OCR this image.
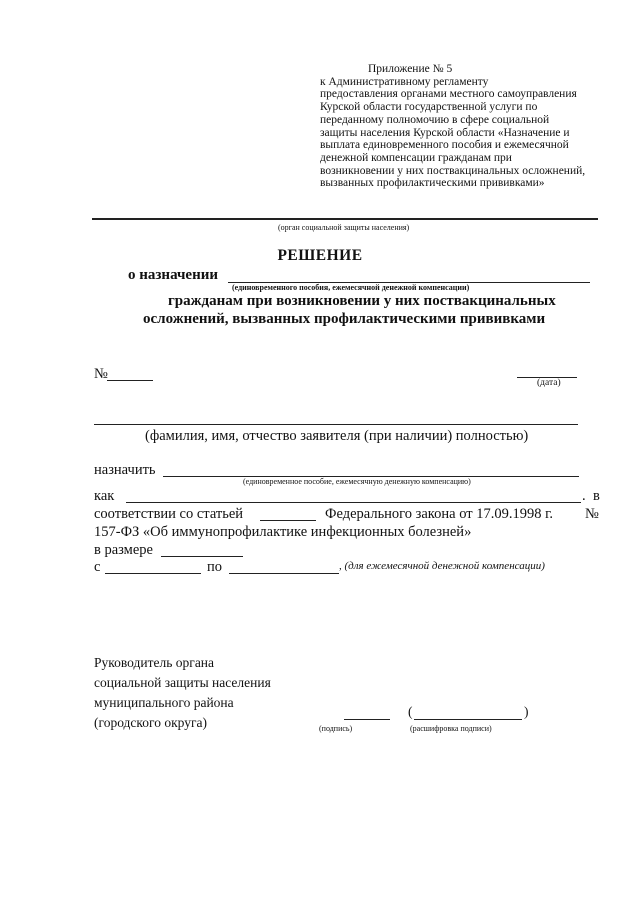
Приложение № 5
к Административному регламенту
предоставления органами местного самоуправления
Курской области государственной услуги по
переданному полномочию в сфере социальной
защиты населения Курской области «Назначение и
выплата единовременного пособия и ежемесячной
денежной компенсации гражданам при
возникновении у них поствакцинальных осложнений,
вызванных профилактическими прививками»
(орган социальной защиты населения)
РЕШЕНИЕ
о назначении
(единовременного пособия, ежемесячной денежной компенсации)
гражданам при возникновении у них поствакцинальных
осложнений, вызванных профилактическими прививками
№
(дата)
(фамилия, имя, отчество заявителя (при наличии) полностью)
назначить
(единовременное пособие, ежемесячную денежную компенсацию)
как	. в
соответствии со статьей	Федерального закона от 17.09.1998 г. №
157-ФЗ «Об иммунопрофилактике инфекционных болезней»
в размере
с	по	, (для ежемесячной денежной компенсации)
Руководитель органа
социальной защиты населения
муниципального района
(городского округа)	(подпись)
(	)
(расшифровка подписи)
